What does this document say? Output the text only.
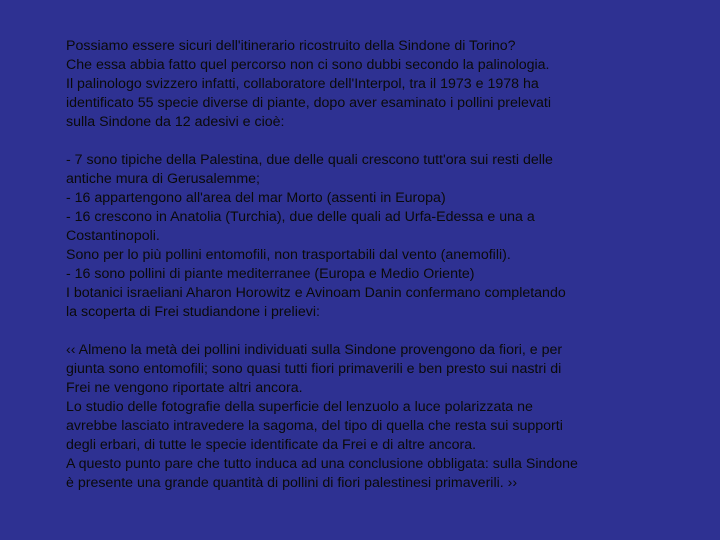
Possiamo essere sicuri dell'itinerario ricostruito della Sindone di Torino?
Che essa abbia fatto quel percorso non ci sono dubbi secondo la palinologia.
Il palinologo svizzero infatti, collaboratore dell'Interpol, tra il 1973 e 1978 ha
identificato 55 specie diverse di piante, dopo aver esaminato i pollini prelevati
sulla Sindone da 12 adesivi e cioè:

- 7 sono tipiche della Palestina, due delle quali crescono tutt'ora sui resti delle
antiche mura di Gerusalemme;
- 16 appartengono all'area del mar Morto (assenti in Europa)
- 16 crescono in Anatolia (Turchia), due delle quali ad Urfa-Edessa e una a
Costantinopoli.
Sono per lo più pollini entomofili, non trasportabili dal vento (anemofili).
- 16 sono pollini di piante mediterranee (Europa e Medio Oriente)
I botanici israeliani Aharon Horowitz e Avinoam Danin confermano completando
la scoperta di Frei studiandone i prelievi:

‹‹ Almeno la metà dei pollini individuati sulla Sindone provengono da fiori, e per
giunta sono entomofili; sono quasi tutti fiori primaverili e ben presto sui nastri di
Frei ne vengono riportate altri ancora.
Lo studio delle fotografie della superficie del lenzuolo a luce polarizzata ne
avrebbe lasciato intravedere la sagoma, del tipo di quella che resta sui supporti
degli erbari, di tutte le specie identificate da Frei e di altre ancora.
A questo punto pare che tutto induca ad una conclusione obbligata: sulla Sindone
è presente una grande quantità di pollini di fiori palestinesi primaverili. ››
